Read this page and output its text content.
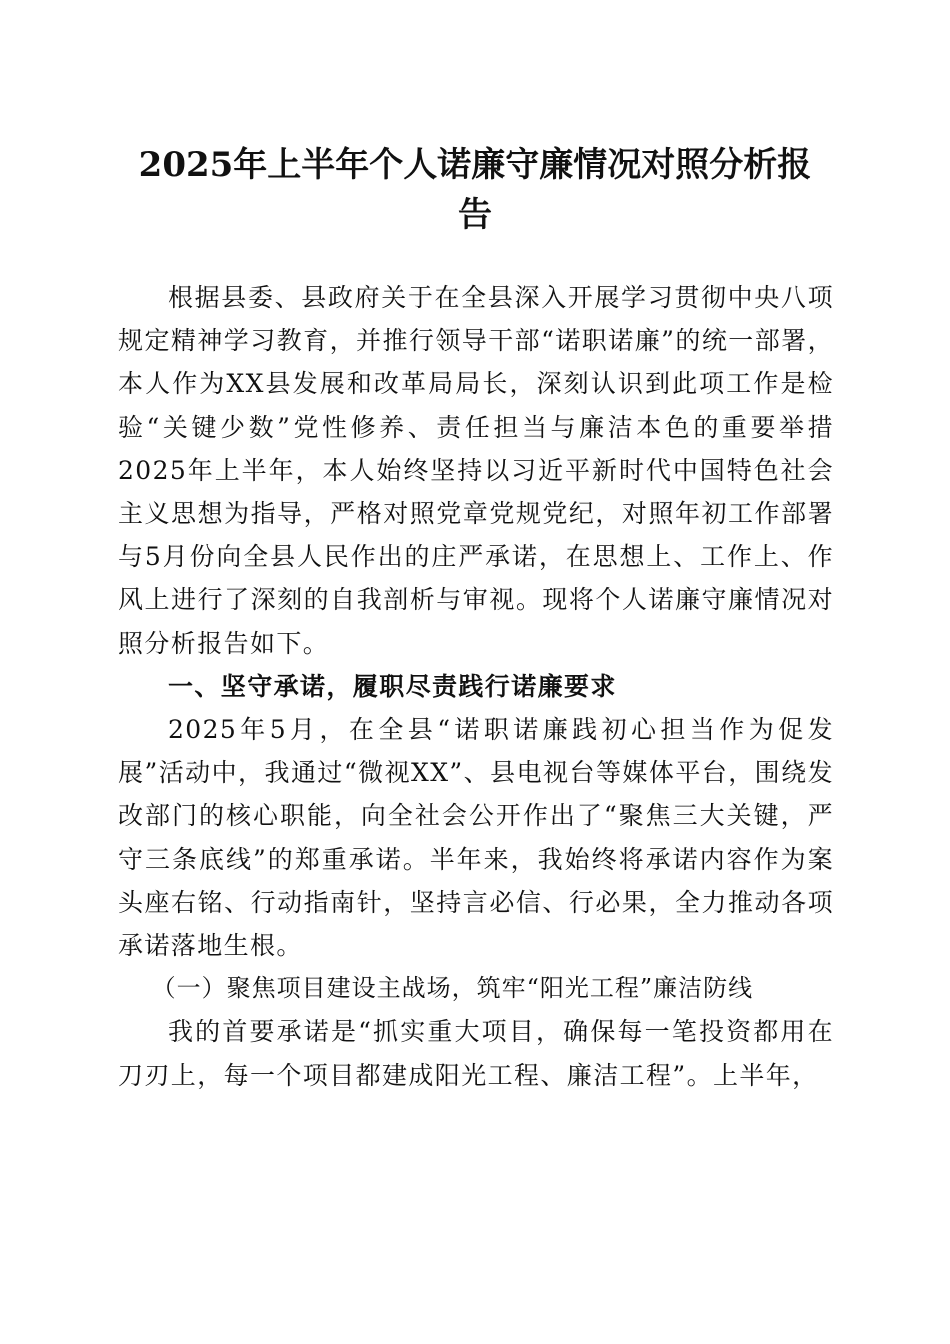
2025年上半年个人诺廉守廉情况对照分析报
告

根据县委、县政府关于在全县深入开展学习贯彻中央八项规定精神学习教育，并推行领导干部“诺职诺廉”的统一部署，本人作为XX县发展和改革局局长，深刻认识到此项工作是检验“关键少数”党性修养、责任担当与廉洁本色的重要举措2025年上半年，本人始终坚持以习近平新时代中国特色社会主义思想为指导，严格对照党章党规党纪，对照年初工作部署与5月份向全县人民作出的庄严承诺，在思想上、工作上、作风上进行了深刻的自我剖析与审视。现将个人诺廉守廉情况对照分析报告如下。

一、坚守承诺，履职尽责践行诺廉要求

2025年5月，在全县“诺职诺廉践初心担当作为促发展”活动中，我通过“微视XX”、县电视台等媒体平台，围绕发改部门的核心职能，向全社会公开作出了“聚焦三大关键，严守三条底线”的郑重承诺。半年来，我始终将承诺内容作为案头座右铭、行动指南针，坚持言必信、行必果，全力推动各项承诺落地生根。

（一）聚焦项目建设主战场，筑牢“阳光工程”廉洁防线

我的首要承诺是“抓实重大项目，确保每一笔投资都用在刀刃上，每一个项目都建成阳光工程、廉洁工程”。上半年，
